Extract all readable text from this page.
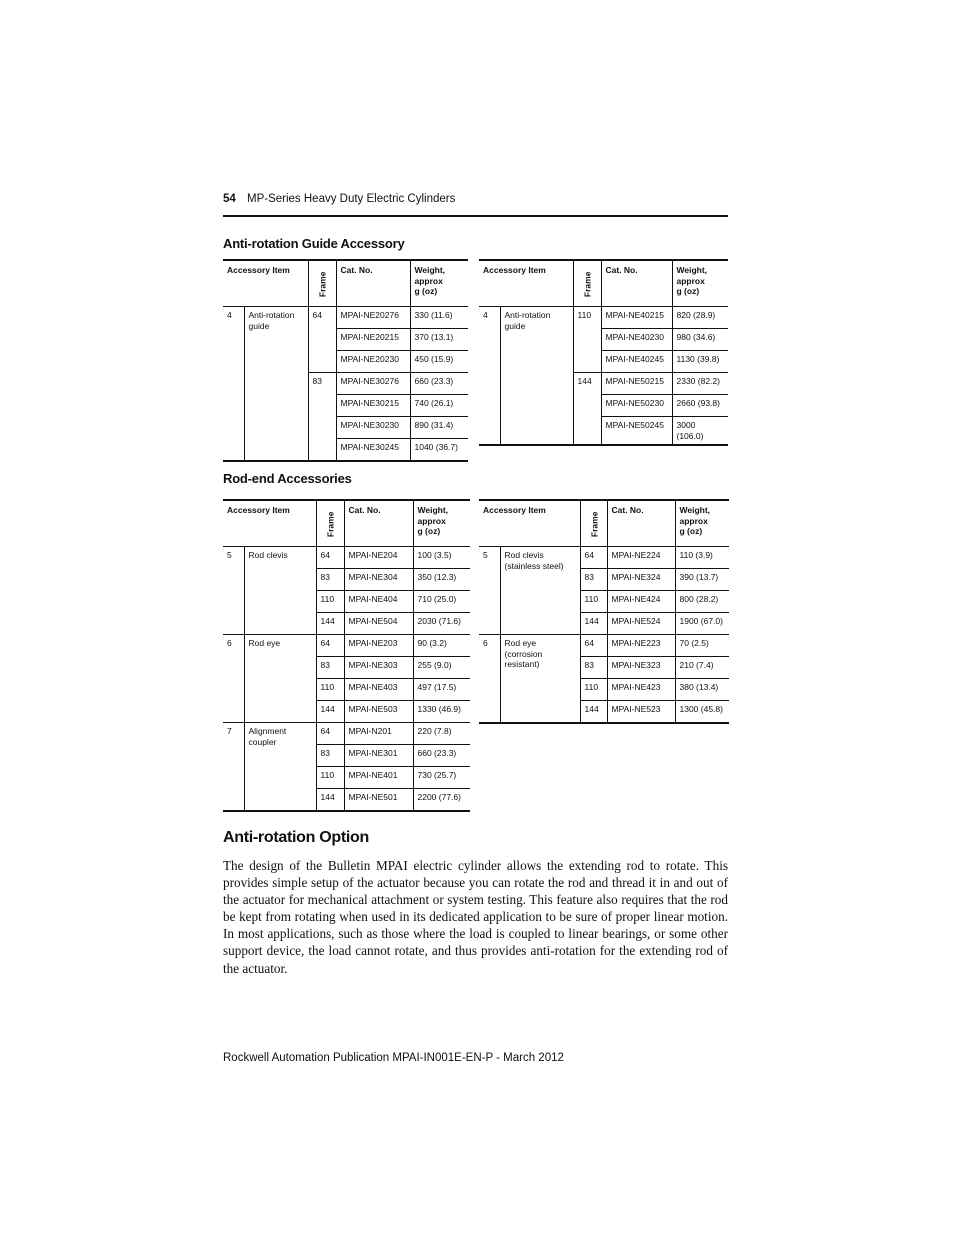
54 MP-Series Heavy Duty Electric Cylinders
Anti-rotation Guide Accessory
Accessory Item		Frame	Cat. No.	Weight,
approx
g (oz)
4	Anti-rotation guide	64	MPAI-NE20276	330 (11.6)
			MPAI-NE20215	370 (13.1)
			MPAI-NE20230	450 (15.9)
		83	MPAI-NE30276	660 (23.3)
			MPAI-NE30215	740 (26.1)
			MPAI-NE30230	890 (31.4)
			MPAI-NE30245	1040 (36.7)
Accessory Item		Frame	Cat. No.	Weight,
approx
g (oz)
4	Anti-rotation guide	110	MPAI-NE40215	820 (28.9)
			MPAI-NE40230	980 (34.6)
			MPAI-NE40245	1130 (39.8)
		144	MPAI-NE50215	2330 (82.2)
			MPAI-NE50230	2660 (93.8)
			MPAI-NE50245	3000 (106.0)
Rod-end Accessories
Accessory Item		Frame	Cat. No.	Weight,
approx
g (oz)
5	Rod clevis	64	MPAI-NE204	100 (3.5)
		83	MPAI-NE304	350 (12.3)
		110	MPAI-NE404	710 (25.0)
		144	MPAI-NE504	2030 (71.6)
6	Rod eye	64	MPAI-NE203	90 (3.2)
		83	MPAI-NE303	255 (9.0)
		110	MPAI-NE403	497 (17.5)
		144	MPAI-NE503	1330 (46.9)
7	Alignment coupler	64	MPAI-N201	220 (7.8)
		83	MPAI-NE301	660 (23.3)
		110	MPAI-NE401	730 (25.7)
		144	MPAI-NE501	2200 (77.6)
Accessory Item		Frame	Cat. No.	Weight,
approx
g (oz)
5	Rod clevis (stainless steel)	64	MPAI-NE224	110 (3.9)
		83	MPAI-NE324	390 (13.7)
		110	MPAI-NE424	800 (28.2)
		144	MPAI-NE524	1900 (67.0)
6	Rod eye (corrosion resistant)	64	MPAI-NE223	70 (2.5)
		83	MPAI-NE323	210 (7.4)
		110	MPAI-NE423	380 (13.4)
		144	MPAI-NE523	1300 (45.8)
Anti-rotation Option
The design of the Bulletin MPAI electric cylinder allows the extending rod to rotate. This provides simple setup of the actuator because you can rotate the rod and thread it in and out of the actuator for mechanical attachment or system testing. This feature also requires that the rod be kept from rotating when used in its dedicated application to be sure of proper linear motion. In most applications, such as those where the load is coupled to linear bearings, or some other support device, the load cannot rotate, and thus provides anti-rotation for the extending rod of the actuator.
Rockwell Automation Publication MPAI-IN001E-EN-P - March 2012
